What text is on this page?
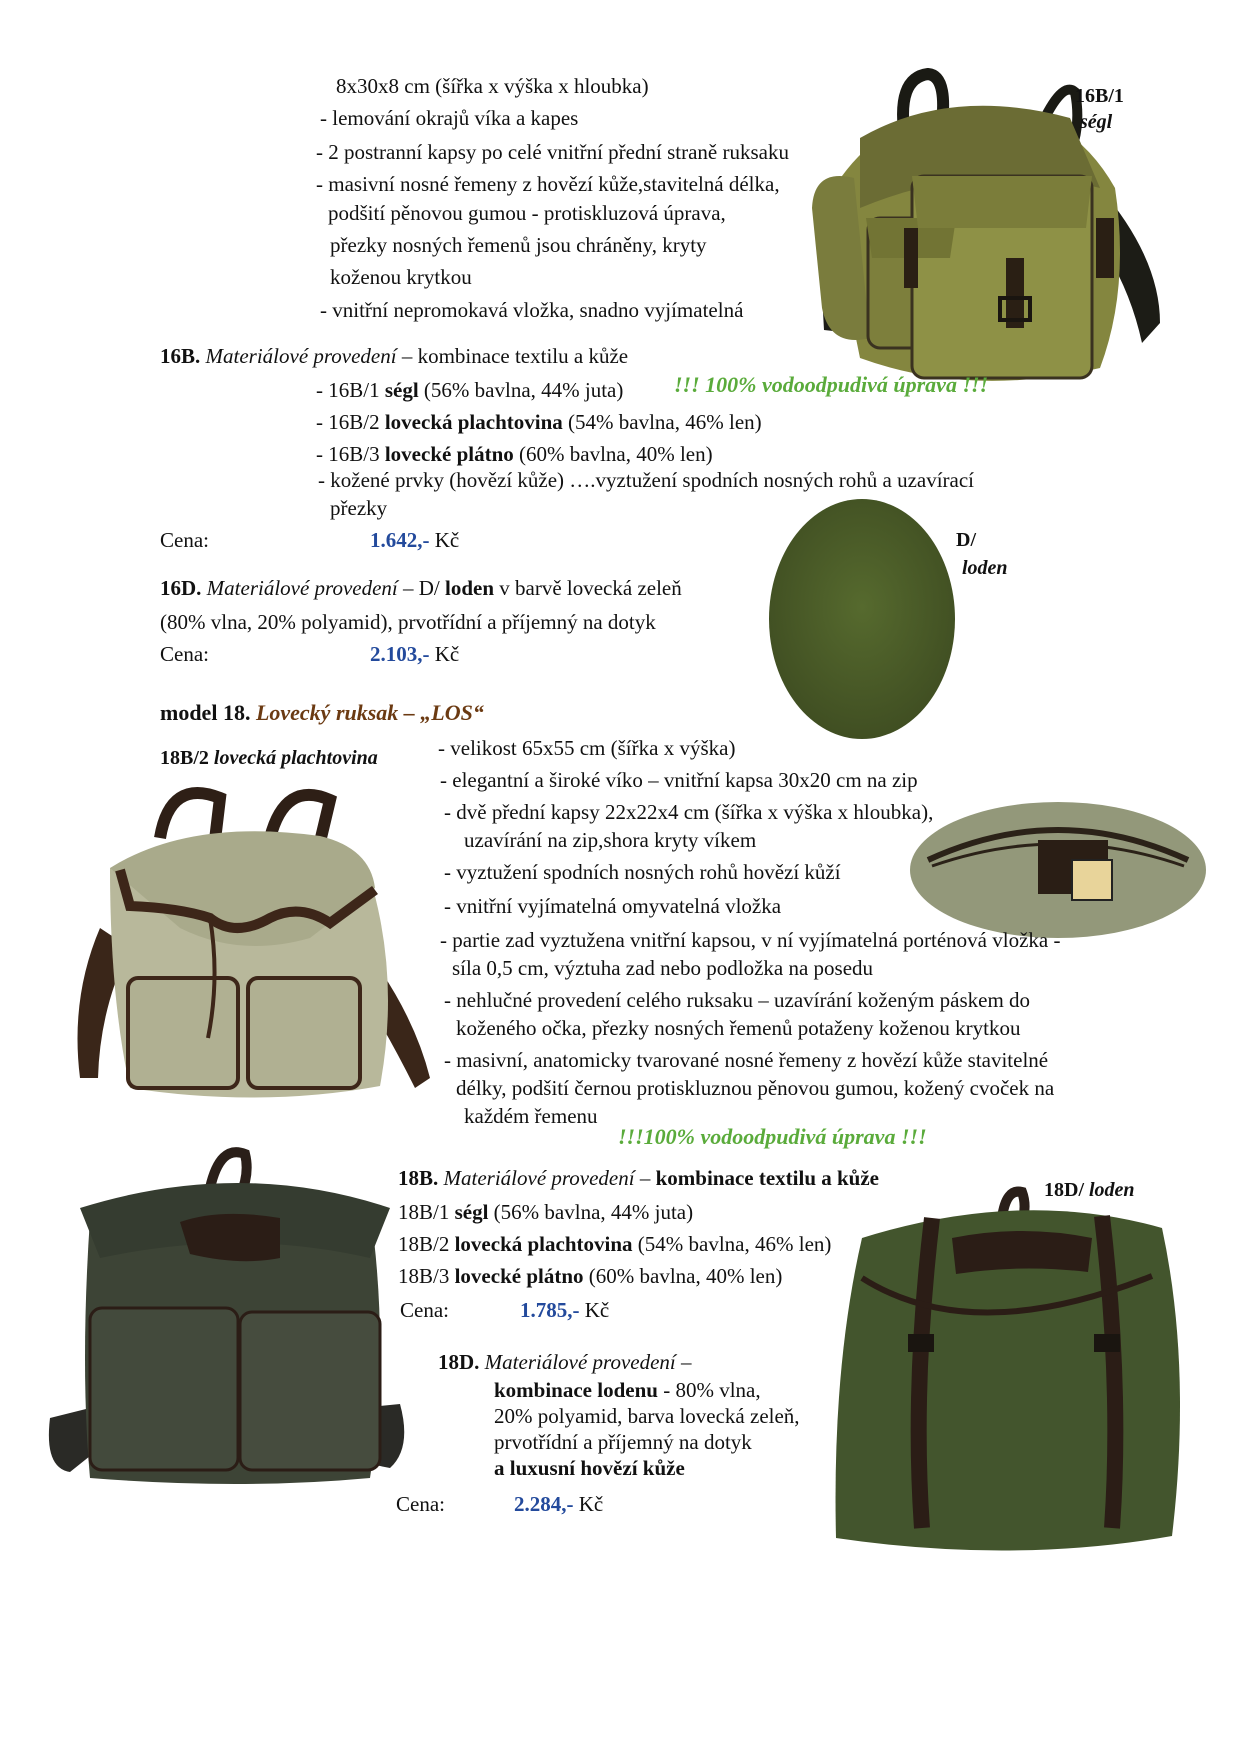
16B/1
ségl
D/
loden
18B/2 lovecká plachtovina
18D/ loden
8x30x8 cm (šířka x výška x hloubka)
- lemování okrajů víka a kapes
- 2 postranní kapsy po celé vnitřní přední straně ruksaku
- masivní nosné řemeny z hovězí kůže,stavitelná délka,
podšití pěnovou gumou - protiskluzová úprava,
přezky nosných řemenů jsou chráněny, kryty
koženou krytkou
- vnitřní nepromokavá vložka, snadno vyjímatelná
16B. Materiálové provedení – kombinace textilu a kůže
!!! 100% vodoodpudivá úprava !!!
- 16B/1 ségl (56% bavlna, 44% juta)
- 16B/2 lovecká plachtovina (54% bavlna, 46% len)
- 16B/3 lovecké plátno (60% bavlna, 40% len)
- kožené prvky (hovězí kůže) ….vyztužení spodních nosných rohů a uzavírací
přezky
Cena:	1.642,- Kč
16D. Materiálové provedení – D/ loden v barvě lovecká zeleň
(80% vlna, 20% polyamid), prvotřídní a příjemný na dotyk
Cena:	2.103,- Kč
model 18. Lovecký ruksak – „LOS“
- velikost 65x55 cm (šířka x výška)
- elegantní a široké víko – vnitřní kapsa 30x20 cm na zip
- dvě přední kapsy 22x22x4 cm (šířka x výška x hloubka),
uzavírání na zip,shora kryty víkem
- vyztužení spodních nosných rohů hovězí kůží
- vnitřní vyjímatelná omyvatelná vložka
- partie zad vyztužena vnitřní kapsou, v ní vyjímatelná porténová vložka -
síla 0,5 cm, výztuha zad nebo podložka na posedu
- nehlučné provedení celého ruksaku – uzavírání koženým páskem do
koženého očka, přezky nosných řemenů potaženy koženou krytkou
- masivní, anatomicky tvarované nosné řemeny z hovězí kůže stavitelné
délky, podšití černou protiskluznou pěnovou gumou, kožený cvoček na
každém řemenu
!!!100% vodoodpudivá úprava !!!
18B. Materiálové provedení – kombinace textilu a kůže
18B/1 ségl (56% bavlna, 44% juta)
18B/2 lovecká plachtovina (54% bavlna, 46% len)
18B/3 lovecké plátno (60% bavlna, 40% len)
Cena:	1.785,- Kč
18D. Materiálové provedení –
kombinace lodenu - 80% vlna,
20% polyamid, barva lovecká zeleň,
prvotřídní a příjemný na dotyk
a luxusní hovězí kůže
Cena:	2.284,- Kč
